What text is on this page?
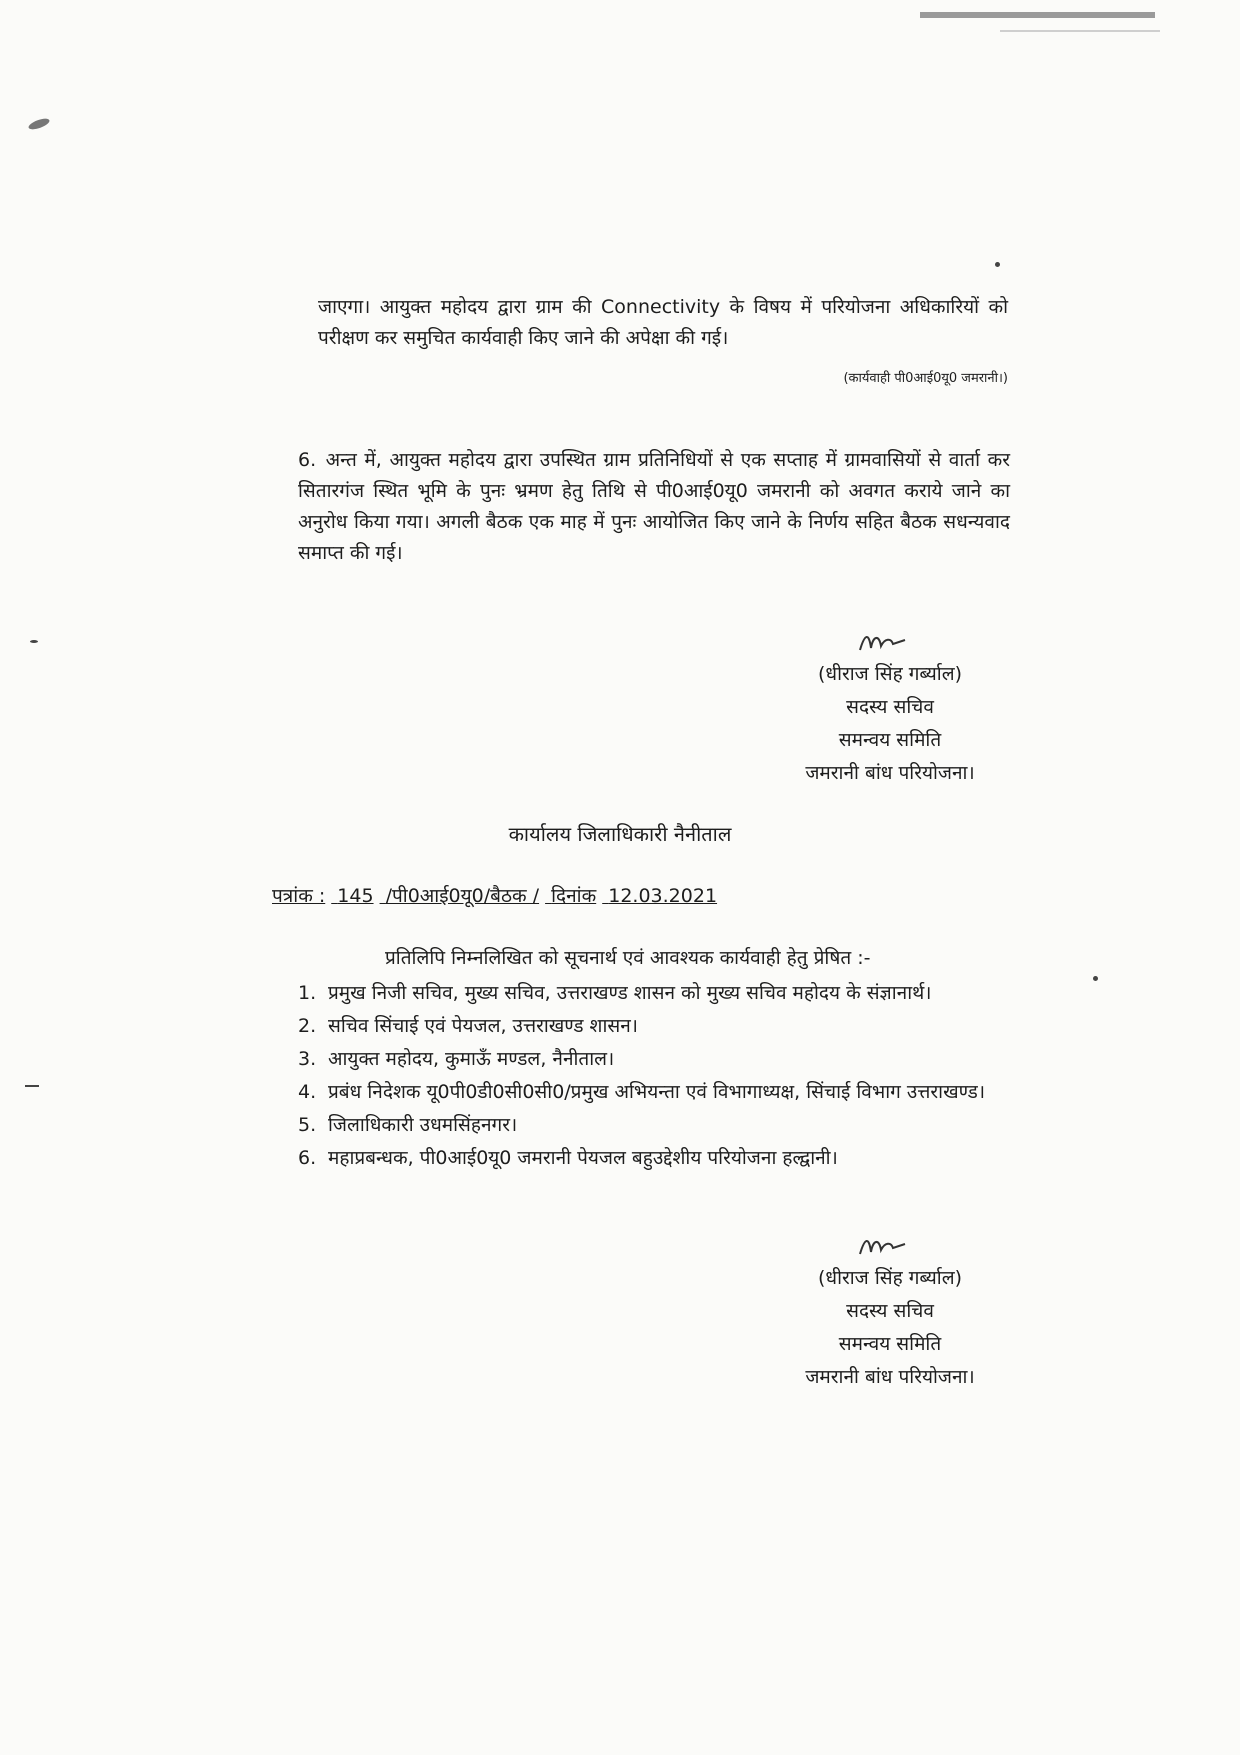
जाएगा। आयुक्त महोदय द्वारा ग्राम की Connectivity के विषय में परियोजना अधिकारियों को परीक्षण कर समुचित कार्यवाही किए जाने की अपेक्षा की गई।

(कार्यवाही पी0आई0यू0 जमरानी।)

6. अन्त में, आयुक्त महोदय द्वारा उपस्थित ग्राम प्रतिनिधियों से एक सप्ताह में ग्रामवासियों से वार्ता कर सितारगंज स्थित भूमि के पुनः भ्रमण हेतु तिथि से पी0आई0यू0 जमरानी को अवगत कराये जाने का अनुरोध किया गया। अगली बैठक एक माह में पुनः आयोजित किए जाने के निर्णय सहित बैठक सधन्यवाद समाप्त की गई।

(धीराज सिंह गर्ब्याल)
सदस्य सचिव
समन्वय समिति
जमरानी बांध परियोजना।
कार्यालय जिलाधिकारी नैनीताल
पत्रांक : 145 /पी0आई0यू0/बैठक / दिनांक 12.03.2021

प्रतिलिपि निम्नलिखित को सूचनार्थ एवं आवश्यक कार्यवाही हेतु प्रेषित :-

1. प्रमुख निजी सचिव, मुख्य सचिव, उत्तराखण्ड शासन को मुख्य सचिव महोदय के संज्ञानार्थ।
2. सचिव सिंचाई एवं पेयजल, उत्तराखण्ड शासन।
3. आयुक्त महोदय, कुमाऊँ मण्डल, नैनीताल।
4. प्रबंध निदेशक यू0पी0डी0सी0सी0/प्रमुख अभियन्ता एवं विभागाध्यक्ष, सिंचाई विभाग उत्तराखण्ड।
5. जिलाधिकारी उधमसिंहनगर।
6. महाप्रबन्धक, पी0आई0यू0 जमरानी पेयजल बहुउद्देशीय परियोजना हल्द्वानी।
(धीराज सिंह गर्ब्याल)
सदस्य सचिव
समन्वय समिति
जमरानी बांध परियोजना।
